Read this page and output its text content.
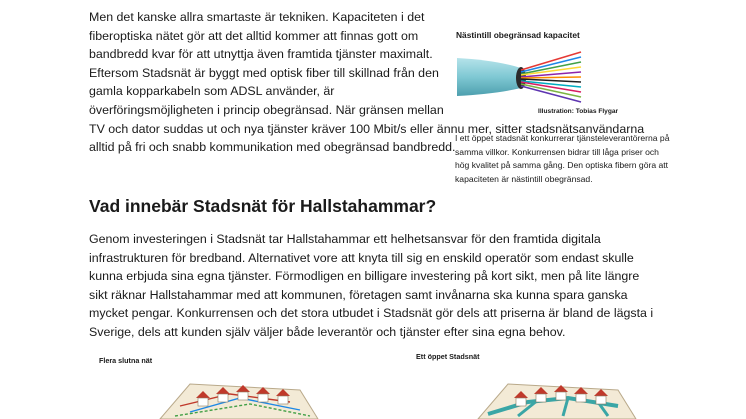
Men det kanske allra smartaste är tekniken. Kapaciteten i det fiberoptiska nätet gör att det alltid kommer att finnas gott om bandbredd kvar för att utnyttja även framtida tjänster maximalt. Eftersom Stadsnät är byggt med optisk fiber till skillnad från den gamla kopparkabeln som ADSL använder, är överföringsmöjligheten i princip obegränsad. När gränsen mellan TV och dator suddas ut och nya tjänster kräver 100 Mbit/s eller ännu mer, sitter stadsnätsanvändarna alltid på fri och snabb kommunikation med obegränsad bandbredd.

Nästintill obegränsad kapacitet

Illustration: Tobias Flygar

I ett öppet stadsnät konkurrerar tjänsteleverantörerna på samma villkor. Konkurrensen bidrar till låga priser och hög kvalitet på samma gång. Den optiska fibern göra att kapaciteten är nästintill obegränsad.

Vad innebär Stadsnät för Hallstahammar?

Genom investeringen i Stadsnät tar Hallstahammar ett helhetsansvar för den framtida digitala infrastrukturen för bredband. Alternativet vore att knyta till sig en enskild operatör som endast skulle kunna erbjuda sina egna tjänster. Förmodligen en billigare investering på kort sikt, men på lite längre sikt räknar Hallstahammar med att kommunen, företagen samt invånarna ska kunna spara ganska mycket pengar. Konkurrensen och det stora utbudet i Stadsnät gör dels att priserna är bland de lägsta i Sverige, dels att kunden själv väljer både leverantör och tjänster efter sina egna behov.

Flera slutna nät	Ett öppet Stadsnät
